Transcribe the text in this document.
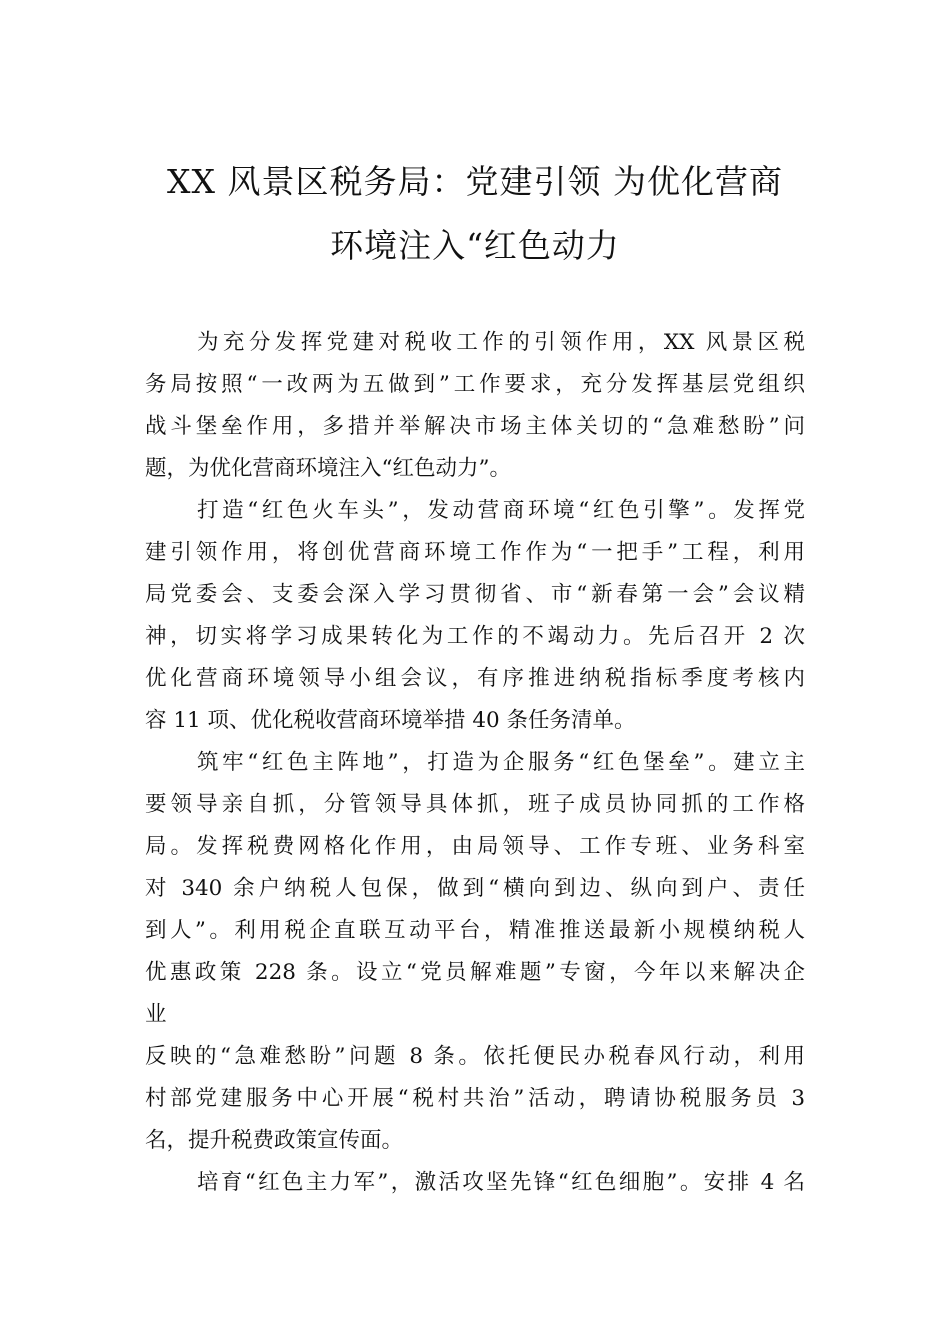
XX 风景区税务局：党建引领 为优化营商
环境注入“红色动力
为充分发挥党建对税收工作的引领作用，XX 风景区税
务局按照“一改两为五做到”工作要求，充分发挥基层党组织
战斗堡垒作用，多措并举解决市场主体关切的“急难愁盼”问
题，为优化营商环境注入“红色动力”。
打造“红色火车头”，发动营商环境“红色引擎”。发挥党
建引领作用，将创优营商环境工作作为“一把手”工程，利用
局党委会、支委会深入学习贯彻省、市“新春第一会”会议精
神，切实将学习成果转化为工作的不竭动力。先后召开 2 次
优化营商环境领导小组会议，有序推进纳税指标季度考核内
容 11 项、优化税收营商环境举措 40 条任务清单。
筑牢“红色主阵地”，打造为企服务“红色堡垒”。建立主
要领导亲自抓，分管领导具体抓，班子成员协同抓的工作格
局。发挥税费网格化作用，由局领导、工作专班、业务科室
对 340 余户纳税人包保，做到“横向到边、纵向到户、责任
到人”。利用税企直联互动平台，精准推送最新小规模纳税人
优惠政策 228 条。设立“党员解难题”专窗，今年以来解决企
业
反映的“急难愁盼”问题 8 条。依托便民办税春风行动，利用
村部党建服务中心开展“税村共治”活动，聘请协税服务员 3
名，提升税费政策宣传面。
培育“红色主力军”，激活攻坚先锋“红色细胞”。安排 4 名
